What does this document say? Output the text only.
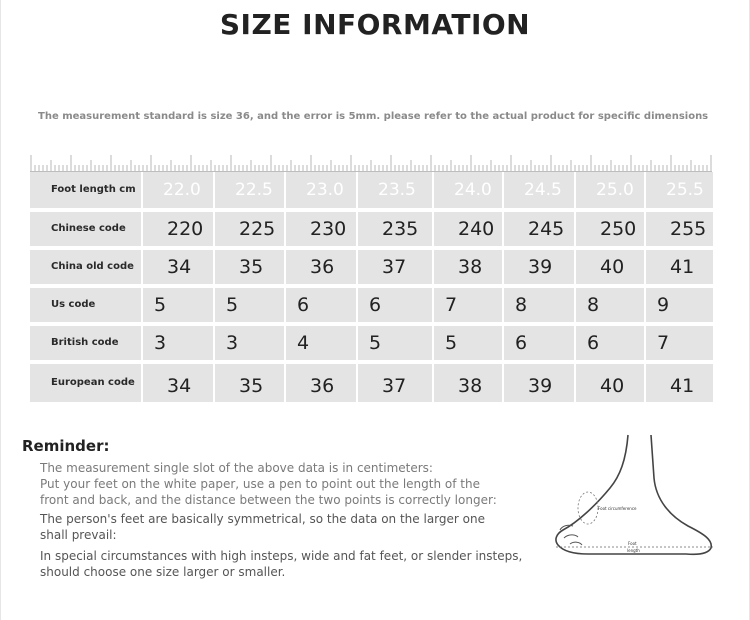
SIZE INFORMATION
The measurement standard is size 36, and the error is 5mm. please refer to the actual product for specific dimensions
Foot length cm	22.0	22.5	23.0	23.5	24.0	24.5	25.0	25.5
Chinese code	220	225	230	235	240	245	250	255
China old code	34	35	36	37	38	39	40	41
Us code	5	5	6	6	7	8	8	9
British code	3	3	4	5	5	6	6	7
European code	34	35	36	37	38	39	40	41
Reminder:
The measurement single slot of the above data is in centimeters:
Put your feet on the white paper, use a pen to point out the length of the
front and back, and the distance between the two points is correctly longer:
The person's feet are basically symmetrical, so the data on the larger one
shall prevail:
In special circumstances with high insteps, wide and fat feet, or slender insteps,
should choose one size larger or smaller.
Foot circumference
Foot
length
